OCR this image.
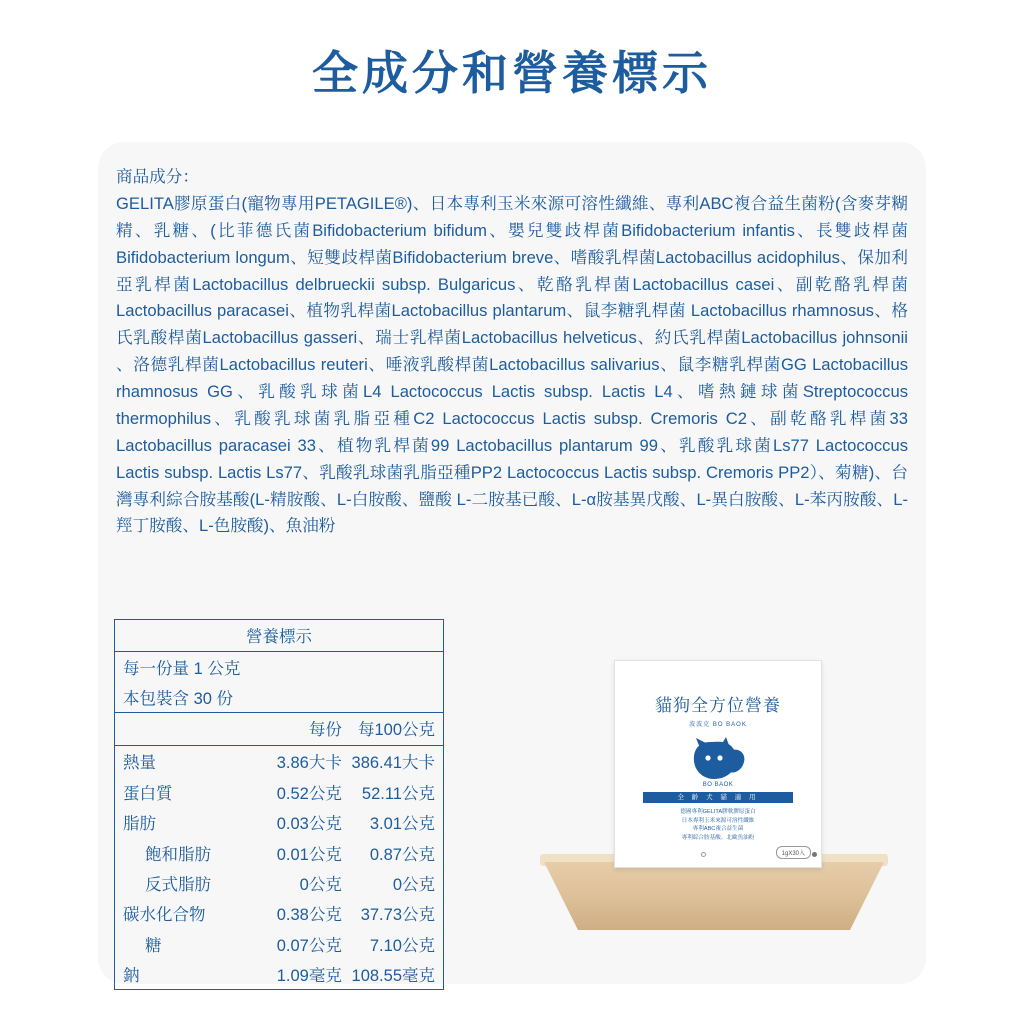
全成分和營養標示
商品成分：
GELITA膠原蛋白(寵物專用PETAGILE®)、日本專利玉米來源可溶性纖維、專利ABC複合益生菌粉(含麥芽糊精、乳糖、(比菲德氏菌Bifidobacterium bifidum、嬰兒雙歧桿菌Bifidobacterium infantis、長雙歧桿菌Bifidobacterium longum、短雙歧桿菌Bifidobacterium breve、嗜酸乳桿菌Lactobacillus acidophilus、保加利亞乳桿菌Lactobacillus delbrueckii subsp. Bulgaricus、乾酪乳桿菌Lactobacillus casei、副乾酪乳桿菌Lactobacillus paracasei、植物乳桿菌Lactobacillus plantarum、鼠李糖乳桿菌 Lactobacillus rhamnosus、格氏乳酸桿菌Lactobacillus gasseri、瑞士乳桿菌Lactobacillus helveticus、約氏乳桿菌Lactobacillus johnsonii 、洛德乳桿菌Lactobacillus reuteri、唾液乳酸桿菌Lactobacillus salivarius、鼠李糖乳桿菌GG Lactobacillus rhamnosus GG、乳酸乳球菌L4 Lactococcus Lactis subsp. Lactis L4、嗜熱鏈球菌Streptococcus thermophilus、乳酸乳球菌乳脂亞種C2 Lactococcus Lactis subsp. Cremoris C2、副乾酪乳桿菌33 Lactobacillus paracasei 33、植物乳桿菌99 Lactobacillus plantarum 99、乳酸乳球菌Ls77 Lactococcus Lactis subsp. Lactis Ls77、乳酸乳球菌乳脂亞種PP2 Lactococcus Lactis subsp. Cremoris PP2）、菊糖)、台灣專利綜合胺基酸(L-精胺酸、L-白胺酸、鹽酸 L-二胺基已酸、L-α胺基異戊酸、L-異白胺酸、L-苯丙胺酸、L-羥丁胺酸、L-色胺酸)、魚油粉
營養標示
每一份量 1 公克
本包裝含 30 份
	每份	每100公克
熱量	3.86大卡	386.41大卡
蛋白質	0.52公克	52.11公克
脂肪	0.03公克	3.01公克
飽和脂肪	0.01公克	0.87公克
反式脂肪	0公克	0公克
碳水化合物	0.38公克	37.73公克
糖	0.07公克	7.10公克
鈉	1.09毫克	108.55毫克
貓狗全方位營養
波波克 BO BAOK
BO BAOK
全 齡 犬 貓 適 用
德國專利GELITA膠軟膠原蛋白
日本專利玉米來源可溶性纖維
專利ABC複合益生菌
專利綜合胺基酸、北歐魚油粉
1gX30入
